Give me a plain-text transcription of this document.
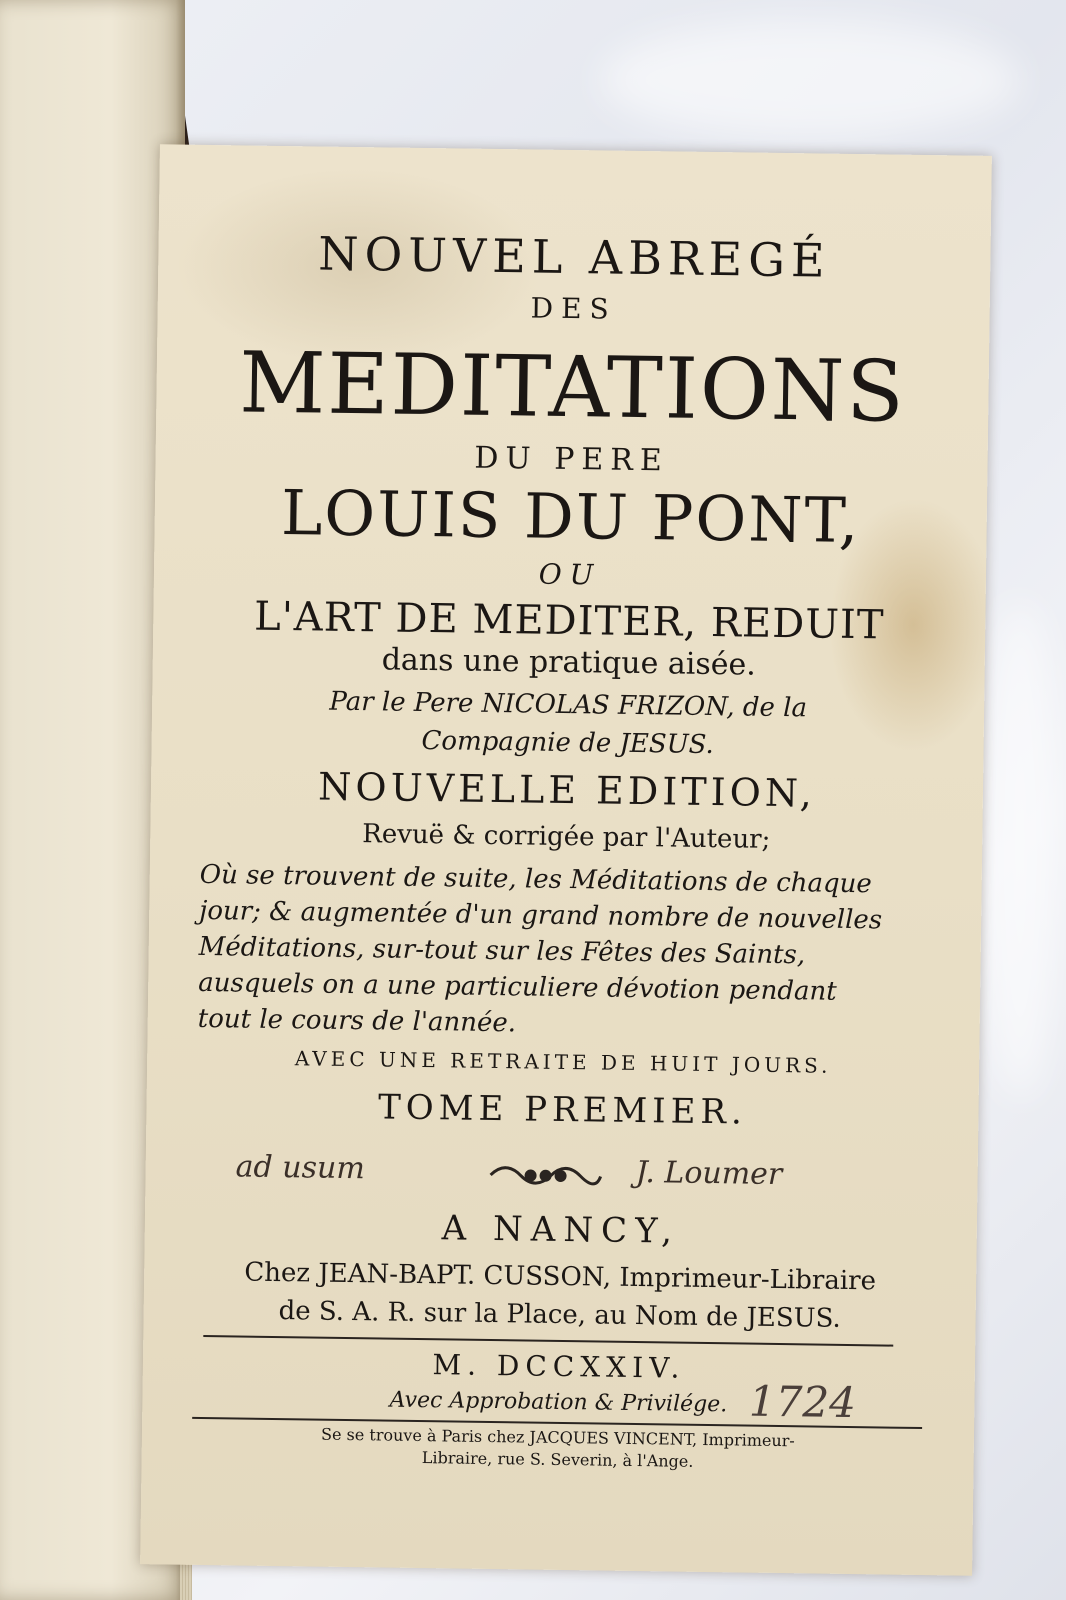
NOUVEL ABREGÉ
DES
MEDITATIONS
DU PERE
LOUIS DU PONT,
OU
L'ART DE MEDITER, REDUIT
dans une pratique aisée.
Par le Pere NICOLAS FRIZON, de la
Compagnie de JESUS.
NOUVELLE EDITION,
Revuë & corrigée par l'Auteur;
Où se trouvent de suite, les Méditations de chaque jour; & augmentée d'un grand nombre de nouvelles Méditations, sur-tout sur les Fêtes des Saints, ausquels on a une particuliere dévotion pendant tout le cours de l'année.
AVEC UNE RETRAITE DE HUIT JOURS.
TOME PREMIER.
ad usum	J. Loumer
A NANCY,
Chez JEAN-BAPT. CUSSON, Imprimeur-Libraire
de S. A. R. sur la Place, au Nom de JESUS.
M. DCCXXIV.
Avec Approbation & Privilége. 1724
Se se trouve à Paris chez JACQUES VINCENT, Imprimeur-
Libraire, rue S. Severin, à l'Ange.
